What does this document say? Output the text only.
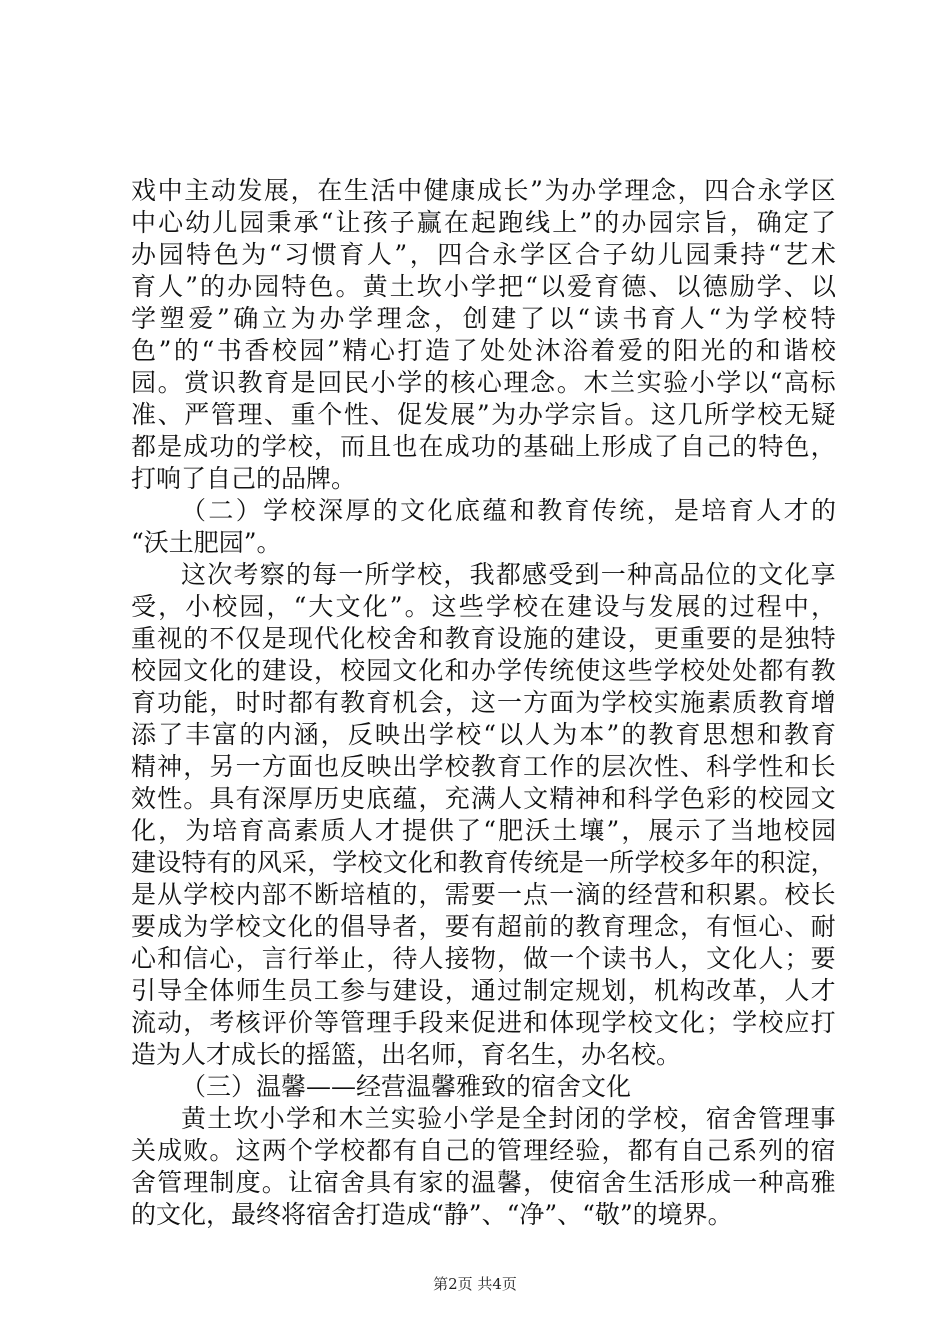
戏 中 主 动 发 展 ， 在 生 活 中 健 康 成 长 ” 为 办 学 理 念 ， 四 合 永 学 区
中 心 幼 儿 园 秉 承 “ 让 孩 子 赢 在 起 跑 线 上 ” 的 办 园 宗 旨 ， 确 定 了
办 园 特 色 为 “ 习 惯 育 人 ” ， 四 合 永 学 区 合 子 幼 儿 园 秉 持 “ 艺 术
育 人 ” 的 办 园 特 色 。 黄 土 坎 小 学 把 “ 以 爱 育 德 、 以 德 励 学 、 以
学 塑 爱 ” 确 立 为 办 学 理 念 ， 创 建 了 以 “ 读 书 育 人 “ 为 学 校 特
色 ” 的 “ 书 香 校 园 ” 精 心 打 造 了 处 处 沐 浴 着 爱 的 阳 光 的 和 谐 校
园 。 赏 识 教 育 是 回 民 小 学 的 核 心 理 念 。 木 兰 实 验 小 学 以 “ 高 标
准 、 严 管 理 、 重 个 性 、 促 发 展 ” 为 办 学 宗 旨 。 这 几 所 学 校 无 疑
都 是 成 功 的 学 校 ， 而 且 也 在 成 功 的 基 础 上 形 成 了 自 己 的 特 色 ，
打响了自己的品牌。
（ 二 ） 学 校 深 厚 的 文 化 底 蕴 和 教 育 传 统 ， 是 培 育 人 才 的
“沃土肥园”。
这 次 考 察 的 每 一 所 学 校 ， 我 都 感 受 到 一 种 高 品 位 的 文 化 享
受 ， 小 校 园 ， “ 大 文 化 ” 。 这 些 学 校 在 建 设 与 发 展 的 过 程 中 ，
重 视 的 不 仅 是 现 代 化 校 舍 和 教 育 设 施 的 建 设 ， 更 重 要 的 是 独 特
校 园 文 化 的 建 设 ， 校 园 文 化 和 办 学 传 统 使 这 些 学 校 处 处 都 有 教
育 功 能 ， 时 时 都 有 教 育 机 会 ， 这 一 方 面 为 学 校 实 施 素 质 教 育 增
添 了 丰 富 的 内 涵 ， 反 映 出 学 校 “ 以 人 为 本 ” 的 教 育 思 想 和 教 育
精 神 ， 另 一 方 面 也 反 映 出 学 校 教 育 工 作 的 层 次 性 、 科 学 性 和 长
效 性 。 具 有 深 厚 历 史 底 蕴 ， 充 满 人 文 精 神 和 科 学 色 彩 的 校 园 文
化 ， 为 培 育 高 素 质 人 才 提 供 了 “ 肥 沃 土 壤 ” ， 展 示 了 当 地 校 园
建 设 特 有 的 风 采 ， 学 校 文 化 和 教 育 传 统 是 一 所 学 校 多 年 的 积 淀 ，
是 从 学 校 内 部 不 断 培 植 的 ， 需 要 一 点 一 滴 的 经 营 和 积 累 。 校 长
要 成 为 学 校 文 化 的 倡 导 者 ， 要 有 超 前 的 教 育 理 念 ， 有 恒 心 、 耐
心 和 信 心 ， 言 行 举 止 ， 待 人 接 物 ， 做 一 个 读 书 人 ， 文 化 人 ； 要
引 导 全 体 师 生 员 工 参 与 建 设 ， 通 过 制 定 规 划 ， 机 构 改 革 ， 人 才
流 动 ， 考 核 评 价 等 管 理 手 段 来 促 进 和 体 现 学 校 文 化 ； 学 校 应 打
造为人才成长的摇篮，出名师，育名生，办名校。
（三）温馨——经营温馨雅致的宿舍文化
黄 土 坎 小 学 和 木 兰 实 验 小 学 是 全 封 闭 的 学 校 ， 宿 舍 管 理 事
关 成 败 。 这 两 个 学 校 都 有 自 己 的 管 理 经 验 ， 都 有 自 己 系 列 的 宿
舍 管 理 制 度 。 让 宿 舍 具 有 家 的 温 馨 ， 使 宿 舍 生 活 形 成 一 种 高 雅
的文化，最终将宿舍打造成“静”、“净”、“敬”的境界。
第2页 共4页
